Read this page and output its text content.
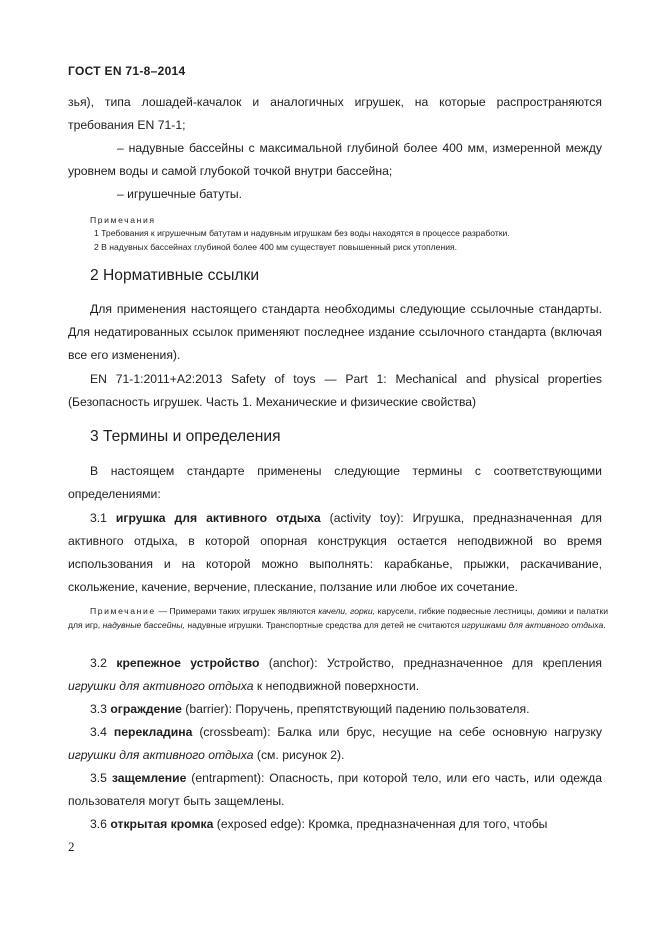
ГОСТ EN 71-8–2014

зья), типа лошадей-качалок и аналогичных игрушек, на которые распространяются требования EN 71-1;

– надувные бассейны с максимальной глубиной более 400 мм, измеренной между уровнем воды и самой глубокой точкой внутри бассейна;

– игрушечные батуты.

Примечания

1 Требования к игрушечным батутам и надувным игрушкам без воды находятся в процессе разработки.

2 В надувных бассейнах глубиной более 400 мм существует повышенный риск утопления.

2 Нормативные ссылки

Для применения настоящего стандарта необходимы следующие ссылочные стандарты. Для недатированных ссылок применяют последнее издание ссылочного стандарта (включая все его изменения).

EN 71-1:2011+A2:2013 Safety of toys — Part 1: Mechanical and physical properties (Безопасность игрушек. Часть 1. Механические и физические свойства)

3 Термины и определения

В настоящем стандарте применены следующие термины с соответствующими определениями:

3.1 игрушка для активного отдыха (activity toy): Игрушка, предназначенная для активного отдыха, в которой опорная конструкция остается неподвижной во время использования и на которой можно выполнять: карабканье, прыжки, раскачивание, скольжение, качение, верчение, плескание, ползание или любое их сочетание.

Примечание — Примерами таких игрушек являются качели, горки, карусели, гибкие подвесные лестницы, домики и палатки для игр, надувные бассейны, надувные игрушки. Транспортные средства для детей не считаются игрушками для активного отдыха.

3.2 крепежное устройство (anchor): Устройство, предназначенное для крепления игрушки для активного отдыха к неподвижной поверхности.

3.3 ограждение (barrier): Поручень, препятствующий падению пользователя.

3.4 перекладина (crossbeam): Балка или брус, несущие на себе основную нагрузку игрушки для активного отдыха (см. рисунок 2).

3.5 защемление (entrapment): Опасность, при которой тело, или его часть, или одежда пользователя могут быть защемлены.

3.6 открытая кромка (exposed edge): Кромка, предназначенная для того, чтобы

2
